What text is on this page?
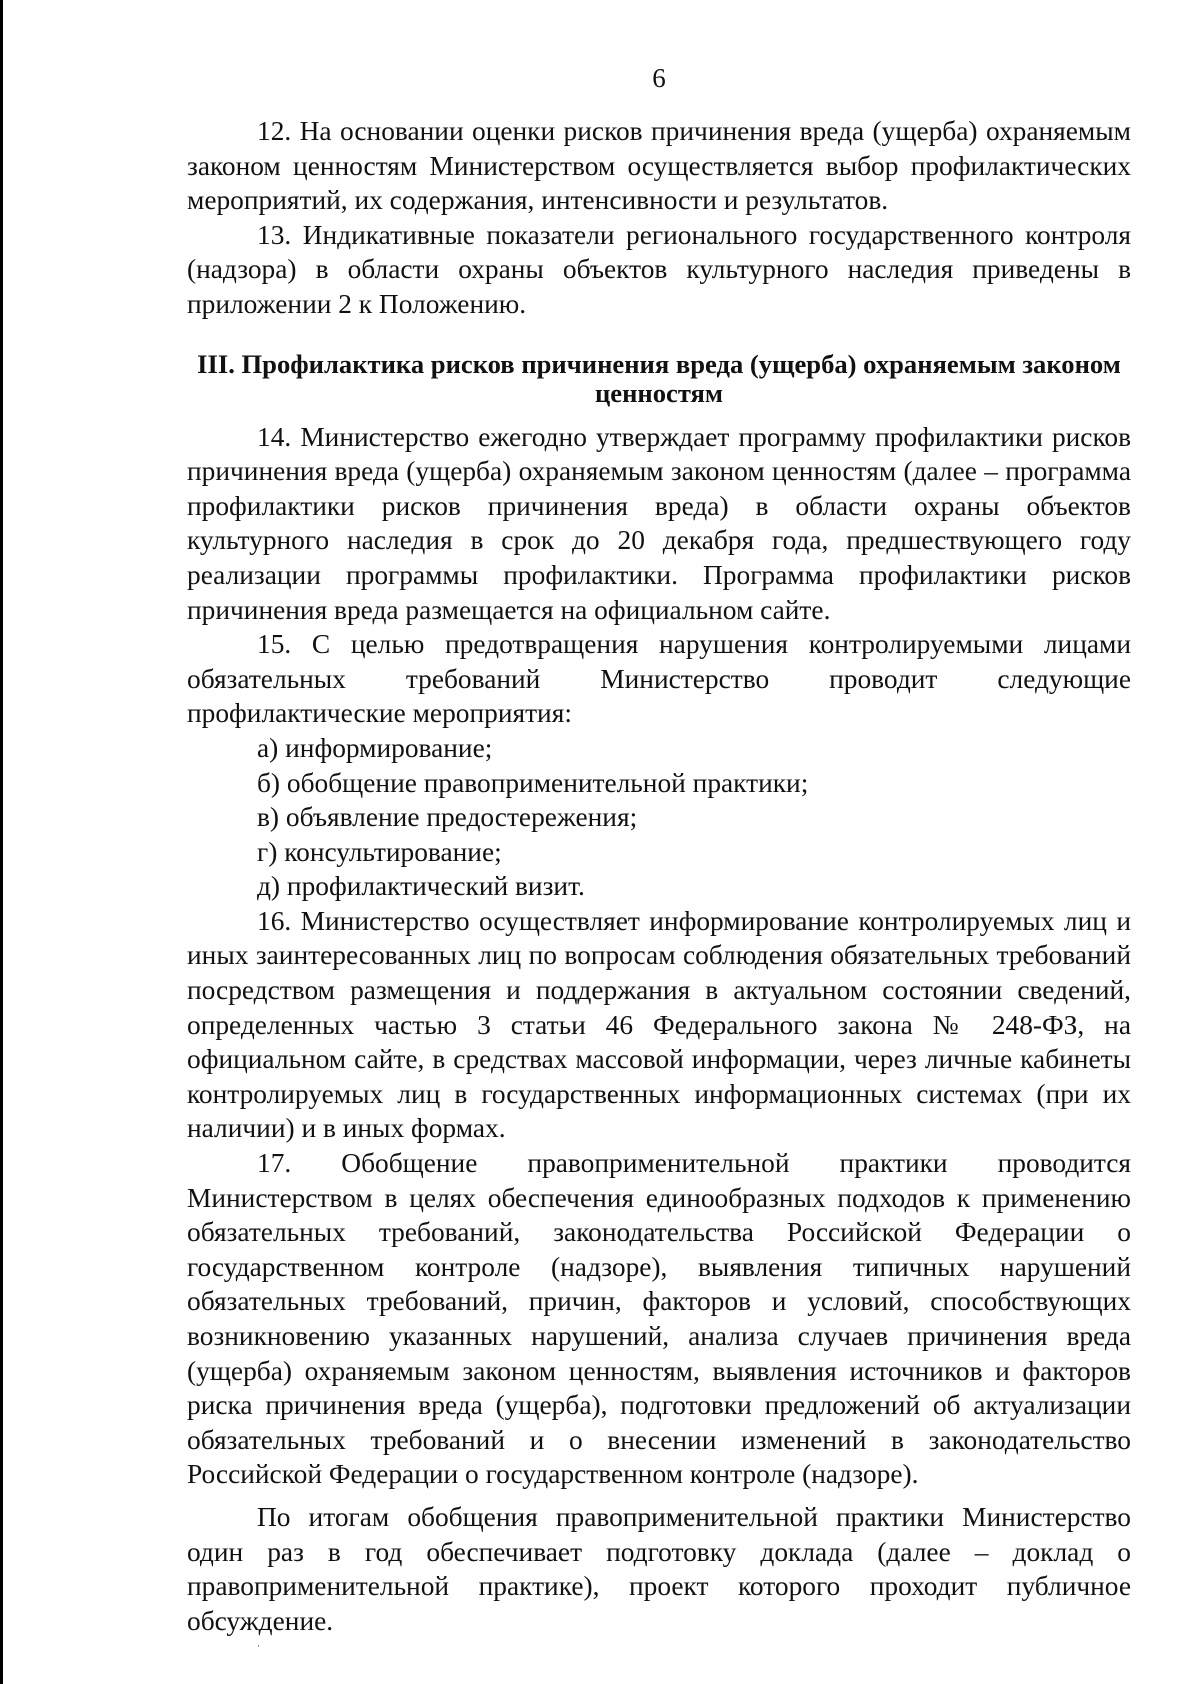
6

12. На основании оценки рисков причинения вреда (ущерба) охраняемым законом ценностям Министерством осуществляется выбор профилактических мероприятий, их содержания, интенсивности и результатов.

13. Индикативные показатели регионального государственного контроля (надзора) в области охраны объектов культурного наследия приведены в приложении 2 к Положению.

III. Профилактика рисков причинения вреда (ущерба) охраняемым законом ценностям

14. Министерство ежегодно утверждает программу профилактики рисков причинения вреда (ущерба) охраняемым законом ценностям (далее – программа профилактики рисков причинения вреда) в области охраны объектов культурного наследия в срок до 20 декабря года, предшествующего году реализации программы профилактики. Программа профилактики рисков причинения вреда размещается на официальном сайте.

15. С целью предотвращения нарушения контролируемыми лицами обязательных требований Министерство проводит следующие профилактические мероприятия:

а) информирование;

б) обобщение правоприменительной практики;

в) объявление предостережения;

г) консультирование;

д) профилактический визит.

16. Министерство осуществляет информирование контролируемых лиц и иных заинтересованных лиц по вопросам соблюдения обязательных требований посредством размещения и поддержания в актуальном состоянии сведений, определенных частью 3 статьи 46 Федерального закона № 248-ФЗ, на официальном сайте, в средствах массовой информации, через личные кабинеты контролируемых лиц в государственных информационных системах (при их наличии) и в иных формах.

17. Обобщение правоприменительной практики проводится Министерством в целях обеспечения единообразных подходов к применению обязательных требований, законодательства Российской Федерации о государственном контроле (надзоре), выявления типичных нарушений обязательных требований, причин, факторов и условий, способствующих возникновению указанных нарушений, анализа случаев причинения вреда (ущерба) охраняемым законом ценностям, выявления источников и факторов риска причинения вреда (ущерба), подготовки предложений об актуализации обязательных требований и о внесении изменений в законодательство Российской Федерации о государственном контроле (надзоре).

По итогам обобщения правоприменительной практики Министерство один раз в год обеспечивает подготовку доклада (далее – доклад о правоприменительной практике), проект которого проходит публичное обсуждение.
